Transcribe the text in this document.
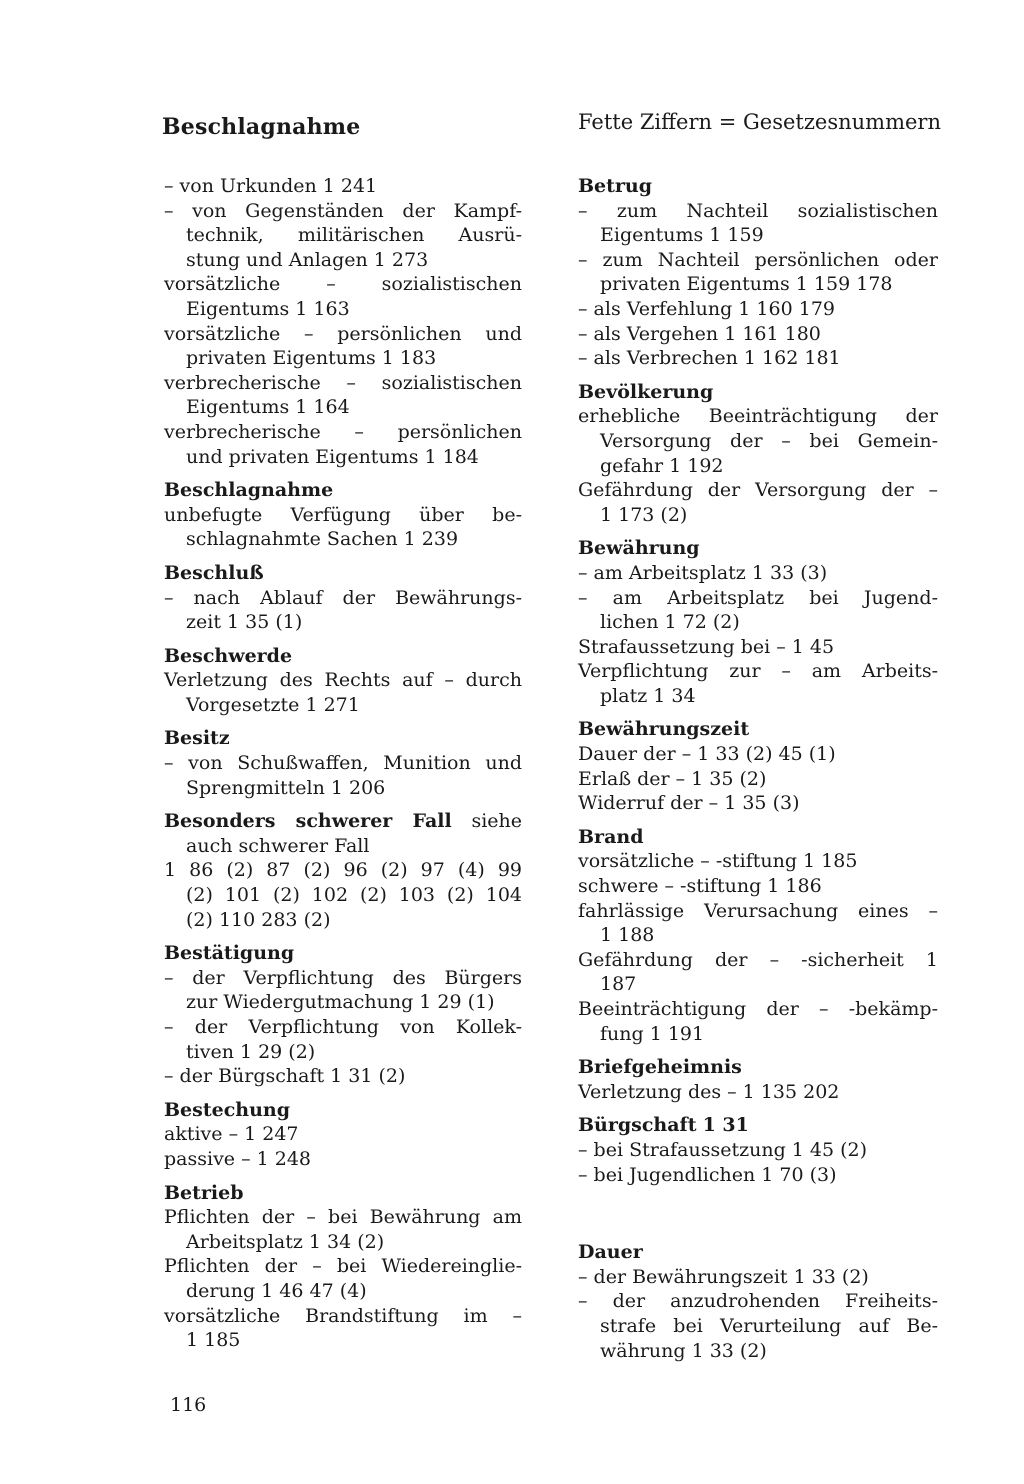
Beschlagnahme	Fette Ziffern = Gesetzesnummern
– von Urkunden 1 241
– von Gegenständen der Kampf-
technik, militärischen Ausrü-
stung und Anlagen 1 273
vorsätzliche – sozialistischen
Eigentums 1 163
vorsätzliche – persönlichen und
privaten Eigentums 1 183
verbrecherische – sozialistischen
Eigentums 1 164
verbrecherische – persönlichen
und privaten Eigentums 1 184
Beschlagnahme
unbefugte Verfügung über be-
schlagnahmte Sachen 1 239
Beschluß
– nach Ablauf der Bewährungs-
zeit 1 35 (1)
Beschwerde
Verletzung des Rechts auf – durch
Vorgesetzte 1 271
Besitz
– von Schußwaffen, Munition und
Sprengmitteln 1 206
Besonders schwerer Fall siehe
auch schwerer Fall
1 86 (2) 87 (2) 96 (2) 97 (4) 99
(2) 101 (2) 102 (2) 103 (2) 104
(2) 110 283 (2)
Bestätigung
– der Verpflichtung des Bürgers
zur Wiedergutmachung 1 29 (1)
– der Verpflichtung von Kollek-
tiven 1 29 (2)
– der Bürgschaft 1 31 (2)
Bestechung
aktive – 1 247
passive – 1 248
Betrieb
Pflichten der – bei Bewährung am
Arbeitsplatz 1 34 (2)
Pflichten der – bei Wiedereinglie-
derung 1 46 47 (4)
vorsätzliche Brandstiftung im –
1 185
Betrug
– zum Nachteil sozialistischen
Eigentums 1 159
– zum Nachteil persönlichen oder
privaten Eigentums 1 159 178
– als Verfehlung 1 160 179
– als Vergehen 1 161 180
– als Verbrechen 1 162 181
Bevölkerung
erhebliche Beeinträchtigung der
Versorgung der – bei Gemein-
gefahr 1 192
Gefährdung der Versorgung der –
1 173 (2)
Bewährung
– am Arbeitsplatz 1 33 (3)
– am Arbeitsplatz bei Jugend-
lichen 1 72 (2)
Strafaussetzung bei – 1 45
Verpflichtung zur – am Arbeits-
platz 1 34
Bewährungszeit
Dauer der – 1 33 (2) 45 (1)
Erlaß der – 1 35 (2)
Widerruf der – 1 35 (3)
Brand
vorsätzliche – -stiftung 1 185
schwere – -stiftung 1 186
fahrlässige Verursachung eines –
1 188
Gefährdung der – -sicherheit 1
187
Beeinträchtigung der – -bekämp-
fung 1 191
Briefgeheimnis
Verletzung des – 1 135 202
Bürgschaft 1 31
– bei Strafaussetzung 1 45 (2)
– bei Jugendlichen 1 70 (3)
Dauer
– der Bewährungszeit 1 33 (2)
– der anzudrohenden Freiheits-
strafe bei Verurteilung auf Be-
währung 1 33 (2)
116
